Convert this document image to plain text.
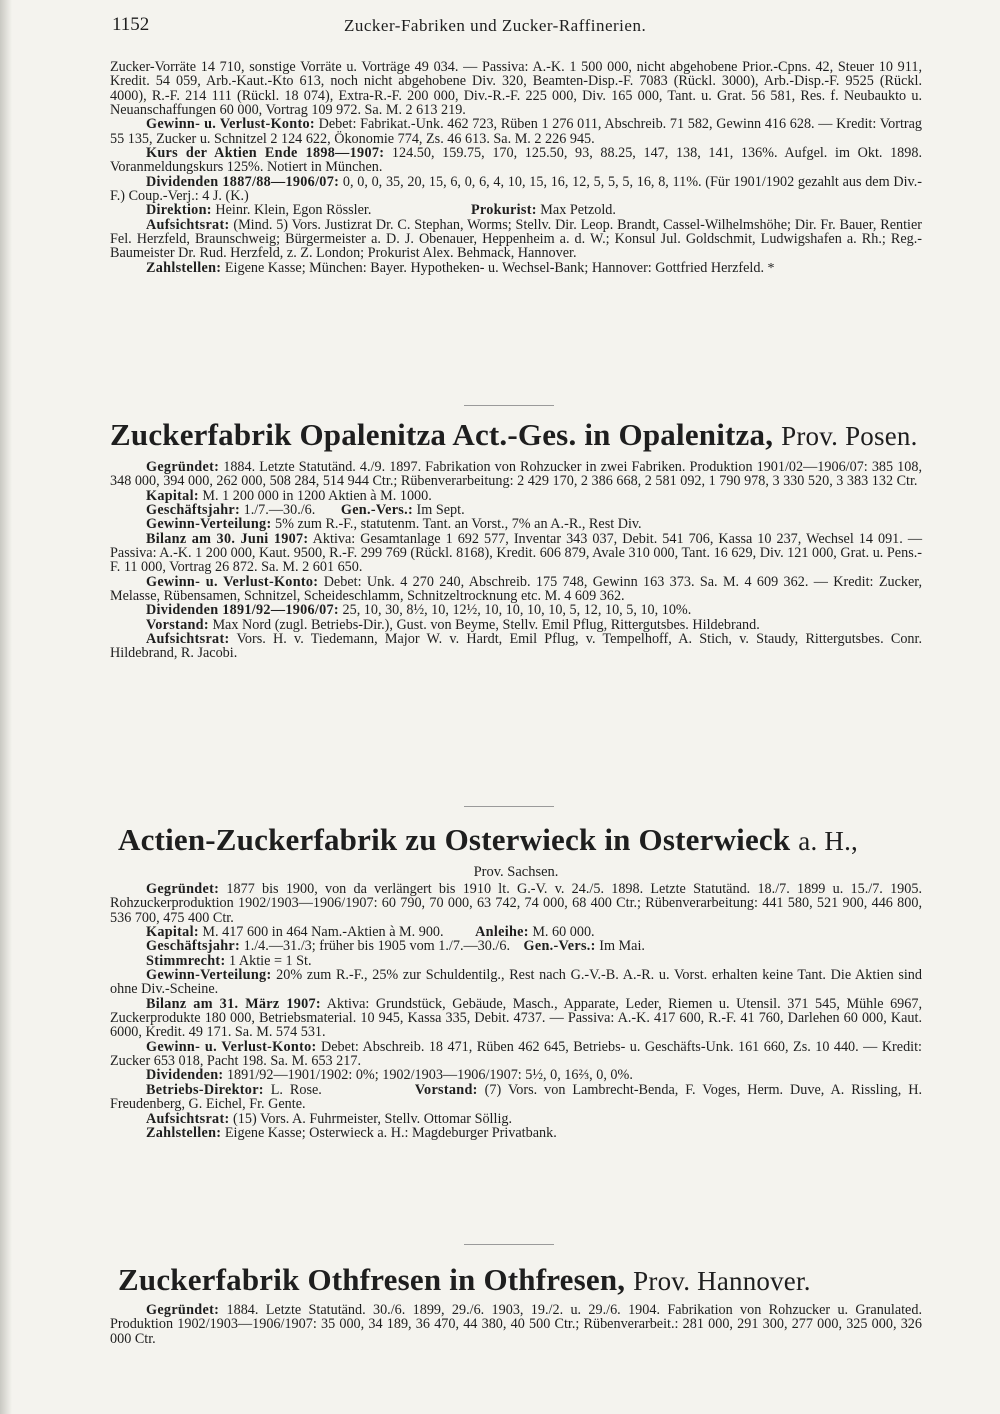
1152	Zucker-Fabriken und Zucker-Raffinerien.

Zucker-Vorräte 14 710, sonstige Vorräte u. Vorträge 49 034. — Passiva: A.-K. 1 500 000, nicht abgehobene Prior.-Cpns. 42, Steuer 10 911, Kredit. 54 059, Arb.-Kaut.-Kto 613, noch nicht abgehobene Div. 320, Beamten-Disp.-F. 7083 (Rückl. 3000), Arb.-Disp.-F. 9525 (Rückl. 4000), R.-F. 214 111 (Rückl. 18 074), Extra-R.-F. 200 000, Div.-R.-F. 225 000, Div. 165 000, Tant. u. Grat. 56 581, Res. f. Neubaukto u. Neuanschaffungen 60 000, Vortrag 109 972. Sa. M. 2 613 219.

Gewinn- u. Verlust-Konto: Debet: Fabrikat.-Unk. 462 723, Rüben 1 276 011, Abschreib. 71 582, Gewinn 416 628. — Kredit: Vortrag 55 135, Zucker u. Schnitzel 2 124 622, Ökonomie 774, Zs. 46 613. Sa. M. 2 226 945.

Kurs der Aktien Ende 1898—1907: 124.50, 159.75, 170, 125.50, 93, 88.25, 147, 138, 141, 136%. Aufgel. im Okt. 1898. Voranmeldungskurs 125%. Notiert in München.

Dividenden 1887/88—1906/07: 0, 0, 0, 35, 20, 15, 6, 0, 6, 4, 10, 15, 16, 12, 5, 5, 5, 16, 8, 11%. (Für 1901/1902 gezahlt aus dem Div.-F.) Coup.-Verj.: 4 J. (K.)

Direktion: Heinr. Klein, Egon Rössler.	Prokurist: Max Petzold.

Aufsichtsrat: (Mind. 5) Vors. Justizrat Dr. C. Stephan, Worms; Stellv. Dir. Leop. Brandt, Cassel-Wilhelmshöhe; Dir. Fr. Bauer, Rentier Fel. Herzfeld, Braunschweig; Bürgermeister a. D. J. Obenauer, Heppenheim a. d. W.; Konsul Jul. Goldschmit, Ludwigshafen a. Rh.; Reg.-Baumeister Dr. Rud. Herzfeld, z. Z. London; Prokurist Alex. Behmack, Hannover.

Zahlstellen: Eigene Kasse; München: Bayer. Hypotheken- u. Wechsel-Bank; Hannover: Gottfried Herzfeld. *

Zuckerfabrik Opalenitza Act.-Ges. in Opalenitza, Prov. Posen.

Gegründet: 1884. Letzte Statutänd. 4./9. 1897. Fabrikation von Rohzucker in zwei Fabriken. Produktion 1901/02—1906/07: 385 108, 348 000, 394 000, 262 000, 508 284, 514 944 Ctr.; Rübenverarbeitung: 2 429 170, 2 386 668, 2 581 092, 1 790 978, 3 330 520, 3 383 132 Ctr.

Kapital: M. 1 200 000 in 1200 Aktien à M. 1000.

Geschäftsjahr: 1./7.—30./6. Gen.-Vers.: Im Sept.

Gewinn-Verteilung: 5% zum R.-F., statutenm. Tant. an Vorst., 7% an A.-R., Rest Div.

Bilanz am 30. Juni 1907: Aktiva: Gesamtanlage 1 692 577, Inventar 343 037, Debit. 541 706, Kassa 10 237, Wechsel 14 091. — Passiva: A.-K. 1 200 000, Kaut. 9500, R.-F. 299 769 (Rückl. 8168), Kredit. 606 879, Avale 310 000, Tant. 16 629, Div. 121 000, Grat. u. Pens.-F. 11 000, Vortrag 26 872. Sa. M. 2 601 650.

Gewinn- u. Verlust-Konto: Debet: Unk. 4 270 240, Abschreib. 175 748, Gewinn 163 373. Sa. M. 4 609 362. — Kredit: Zucker, Melasse, Rübensamen, Schnitzel, Scheideschlamm, Schnitzeltrocknung etc. M. 4 609 362.

Dividenden 1891/92—1906/07: 25, 10, 30, 8½, 10, 12½, 10, 10, 10, 10, 5, 12, 10, 5, 10, 10%.

Vorstand: Max Nord (zugl. Betriebs-Dir.), Gust. von Beyme, Stellv. Emil Pflug, Rittergutsbes. Hildebrand.

Aufsichtsrat: Vors. H. v. Tiedemann, Major W. v. Hardt, Emil Pflug, v. Tempelhoff, A. Stich, v. Staudy, Rittergutsbes. Conr. Hildebrand, R. Jacobi.

Actien-Zuckerfabrik zu Osterwieck in Osterwieck a. H.,
Prov. Sachsen.

Gegründet: 1877 bis 1900, von da verlängert bis 1910 lt. G.-V. v. 24./5. 1898. Letzte Statutänd. 18./7. 1899 u. 15./7. 1905. Rohzuckerproduktion 1902/1903—1906/1907: 60 790, 70 000, 63 742, 74 000, 68 400 Ctr.; Rübenverarbeitung: 441 580, 521 900, 446 800, 536 700, 475 400 Ctr.

Kapital: M. 417 600 in 464 Nam.-Aktien à M. 900. Anleihe: M. 60 000.

Geschäftsjahr: 1./4.—31./3; früher bis 1905 vom 1./7.—30./6. Gen.-Vers.: Im Mai.

Stimmrecht: 1 Aktie = 1 St.

Gewinn-Verteilung: 20% zum R.-F., 25% zur Schuldentilg., Rest nach G.-V.-B. A.-R. u. Vorst. erhalten keine Tant. Die Aktien sind ohne Div.-Scheine.

Bilanz am 31. März 1907: Aktiva: Grundstück, Gebäude, Masch., Apparate, Leder, Riemen u. Utensil. 371 545, Mühle 6967, Zuckerprodukte 180 000, Betriebsmaterial. 10 945, Kassa 335, Debit. 4737. — Passiva: A.-K. 417 600, R.-F. 41 760, Darlehen 60 000, Kaut. 6000, Kredit. 49 171. Sa. M. 574 531.

Gewinn- u. Verlust-Konto: Debet: Abschreib. 18 471, Rüben 462 645, Betriebs- u. Geschäfts-Unk. 161 660, Zs. 10 440. — Kredit: Zucker 653 018, Pacht 198. Sa. M. 653 217.

Dividenden: 1891/92—1901/1902: 0%; 1902/1903—1906/1907: 5½, 0, 16⅔, 0, 0%.

Betriebs-Direktor: L. Rose.	Vorstand: (7) Vors. von Lambrecht-Benda, F. Voges, Herm. Duve, A. Rissling, H. Freudenberg, G. Eichel, Fr. Gente.

Aufsichtsrat: (15) Vors. A. Fuhrmeister, Stellv. Ottomar Söllig.

Zahlstellen: Eigene Kasse; Osterwieck a. H.: Magdeburger Privatbank.

Zuckerfabrik Othfresen in Othfresen, Prov. Hannover.

Gegründet: 1884. Letzte Statutänd. 30./6. 1899, 29./6. 1903, 19./2. u. 29./6. 1904. Fabrikation von Rohzucker u. Granulated. Produktion 1902/1903—1906/1907: 35 000, 34 189, 36 470, 44 380, 40 500 Ctr.; Rübenverarbeit.: 281 000, 291 300, 277 000, 325 000, 326 000 Ctr.
